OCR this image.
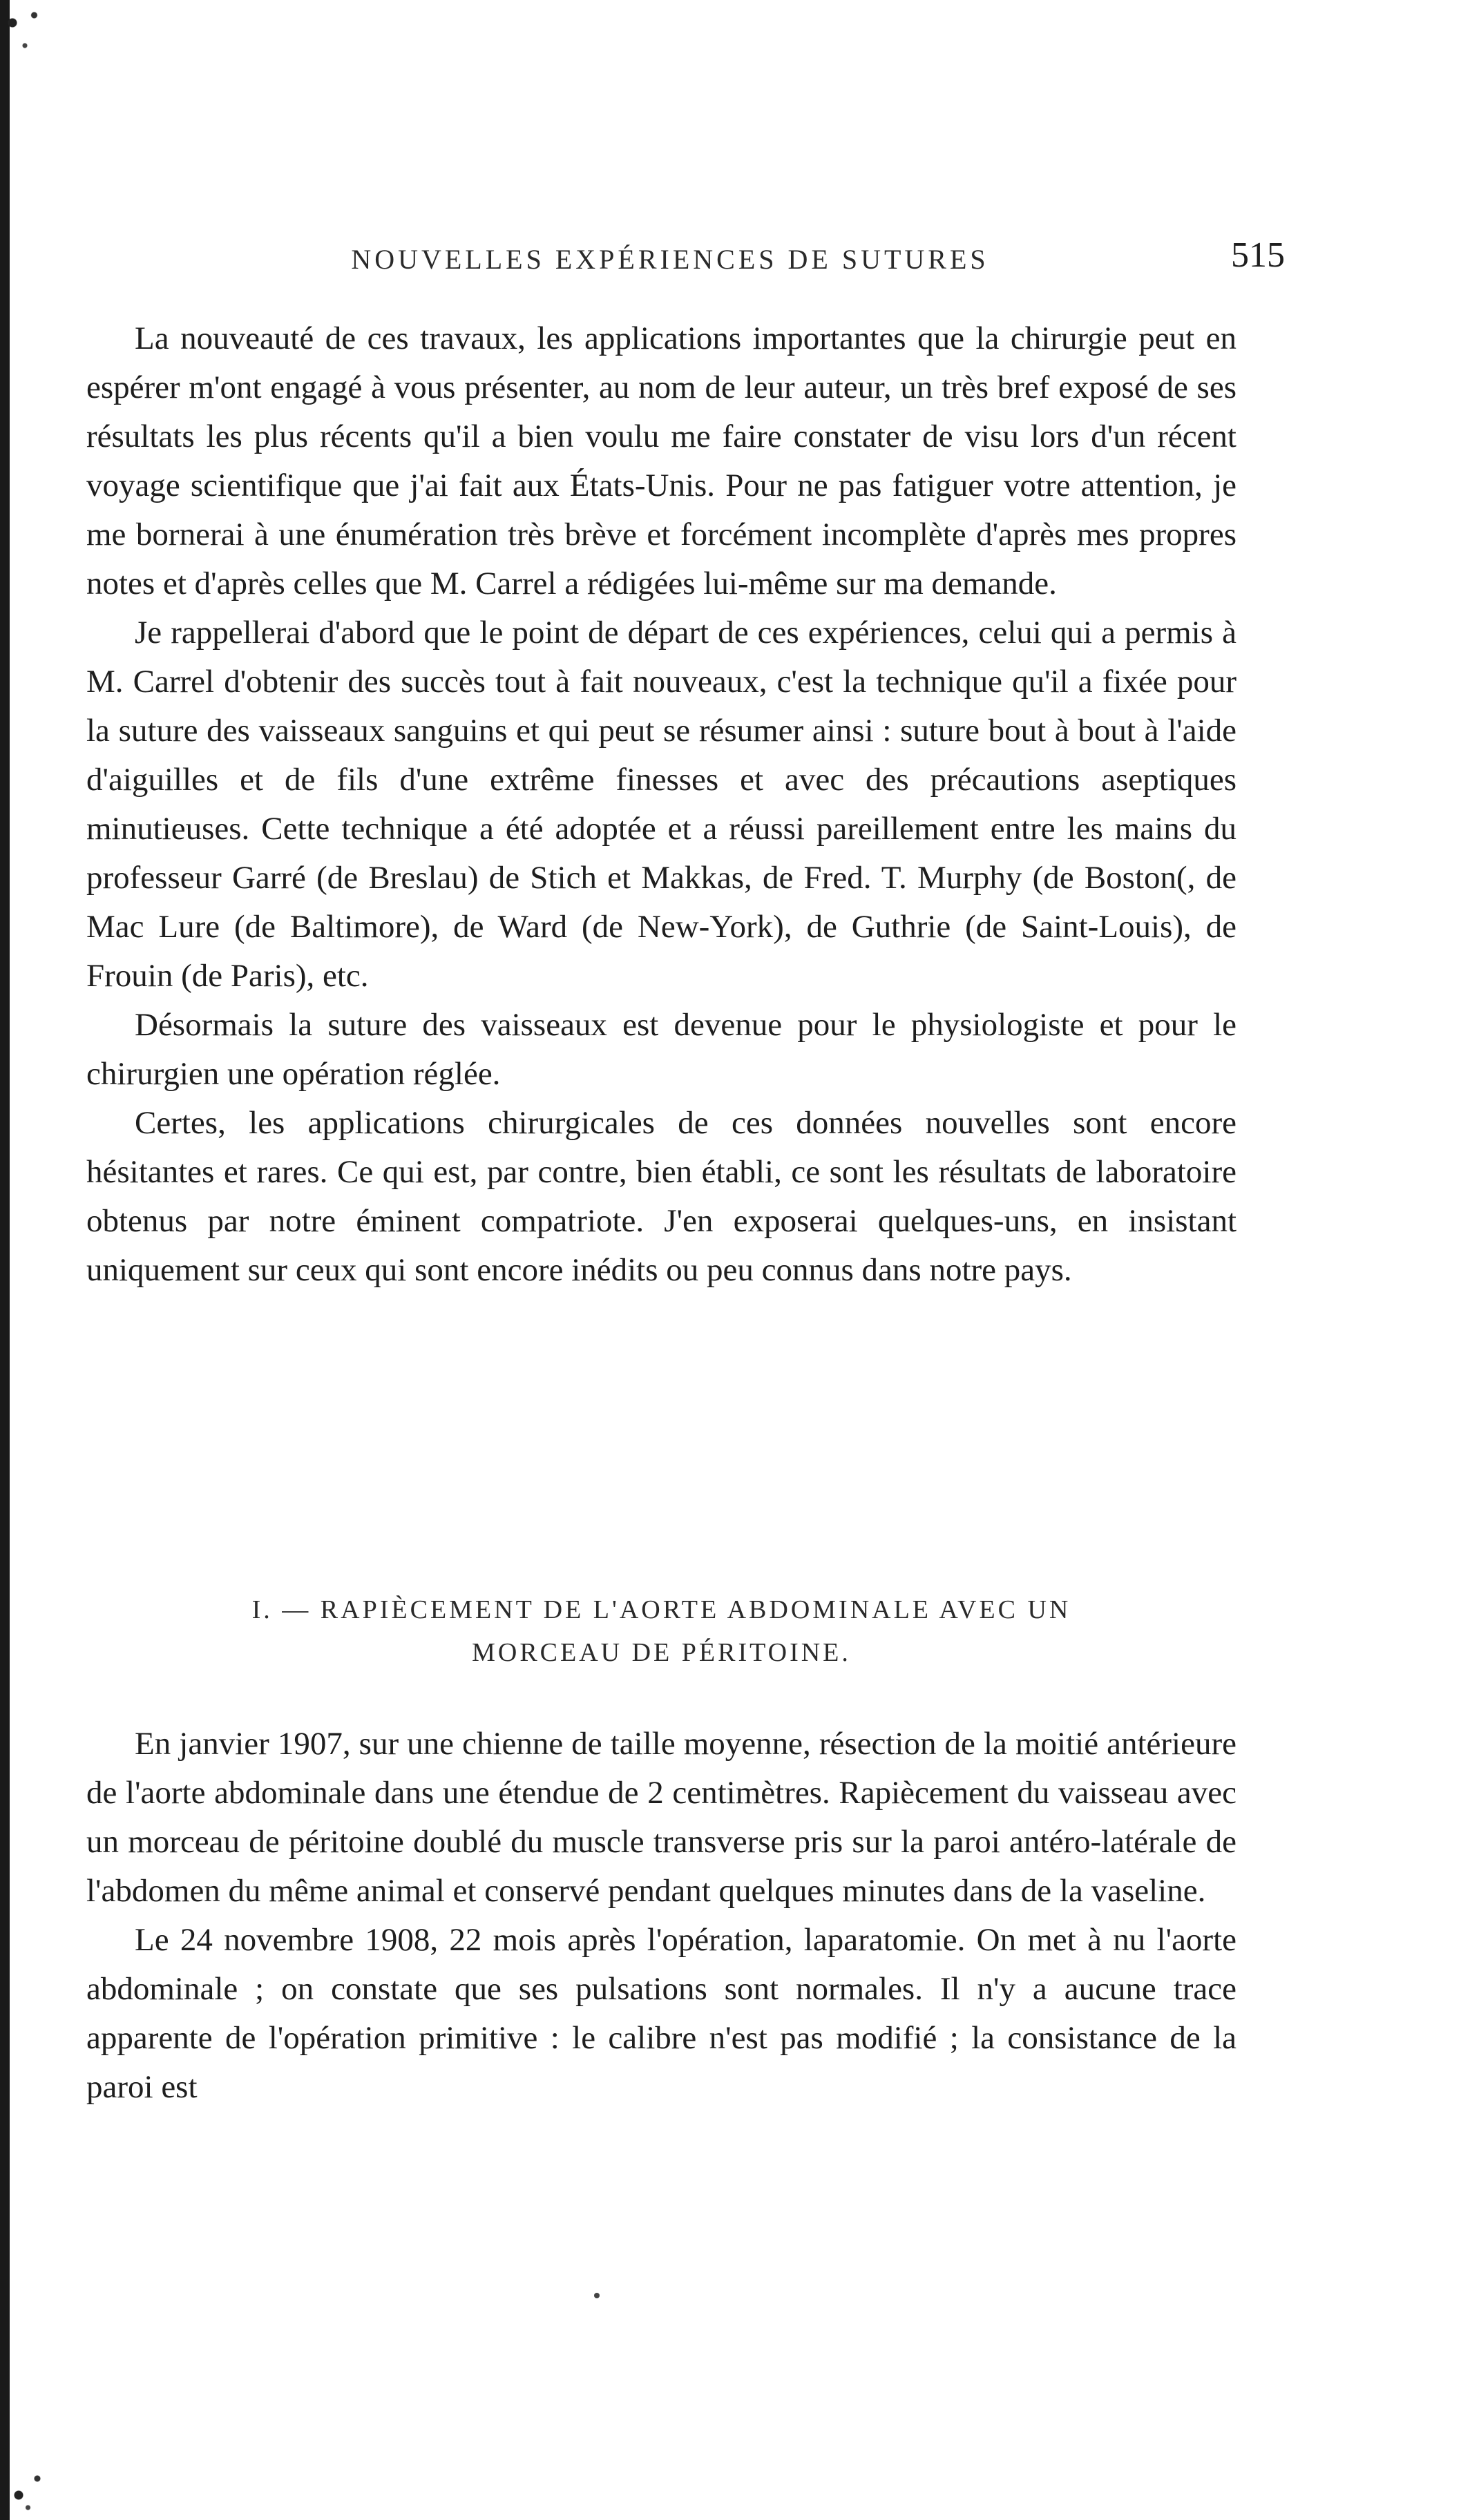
NOUVELLES EXPÉRIENCES DE SUTURES	515

La nouveauté de ces travaux, les applications importantes que la chirurgie peut en espérer m'ont engagé à vous présenter, au nom de leur auteur, un très bref exposé de ses résultats les plus récents qu'il a bien voulu me faire constater de visu lors d'un récent voyage scientifique que j'ai fait aux États-Unis. Pour ne pas fatiguer votre attention, je me bornerai à une énumération très brève et forcément incomplète d'après mes propres notes et d'après celles que M. Carrel a rédigées lui-même sur ma demande.

Je rappellerai d'abord que le point de départ de ces expériences, celui qui a permis à M. Carrel d'obtenir des succès tout à fait nouveaux, c'est la technique qu'il a fixée pour la suture des vaisseaux sanguins et qui peut se résumer ainsi : suture bout à bout à l'aide d'aiguilles et de fils d'une extrême finesses et avec des précautions aseptiques minutieuses. Cette technique a été adoptée et a réussi pareillement entre les mains du professeur Garré (de Breslau) de Stich et Makkas, de Fred. T. Murphy (de Boston(, de Mac Lure (de Baltimore), de Ward (de New-York), de Guthrie (de Saint-Louis), de Frouin (de Paris), etc.

Désormais la suture des vaisseaux est devenue pour le physiologiste et pour le chirurgien une opération réglée.

Certes, les applications chirurgicales de ces données nouvelles sont encore hésitantes et rares. Ce qui est, par contre, bien établi, ce sont les résultats de laboratoire obtenus par notre éminent compatriote. J'en exposerai quelques-uns, en insistant uniquement sur ceux qui sont encore inédits ou peu connus dans notre pays.

I. — RAPIÈCEMENT DE L'AORTE ABDOMINALE AVEC UN
MORCEAU DE PÉRITOINE.

En janvier 1907, sur une chienne de taille moyenne, résection de la moitié antérieure de l'aorte abdominale dans une étendue de 2 centimètres. Rapiècement du vaisseau avec un morceau de péritoine doublé du muscle transverse pris sur la paroi antéro-latérale de l'abdomen du même animal et conservé pendant quelques minutes dans de la vaseline.

Le 24 novembre 1908, 22 mois après l'opération, laparatomie. On met à nu l'aorte abdominale ; on constate que ses pulsations sont normales. Il n'y a aucune trace apparente de l'opération primitive : le calibre n'est pas modifié ; la consistance de la paroi est
